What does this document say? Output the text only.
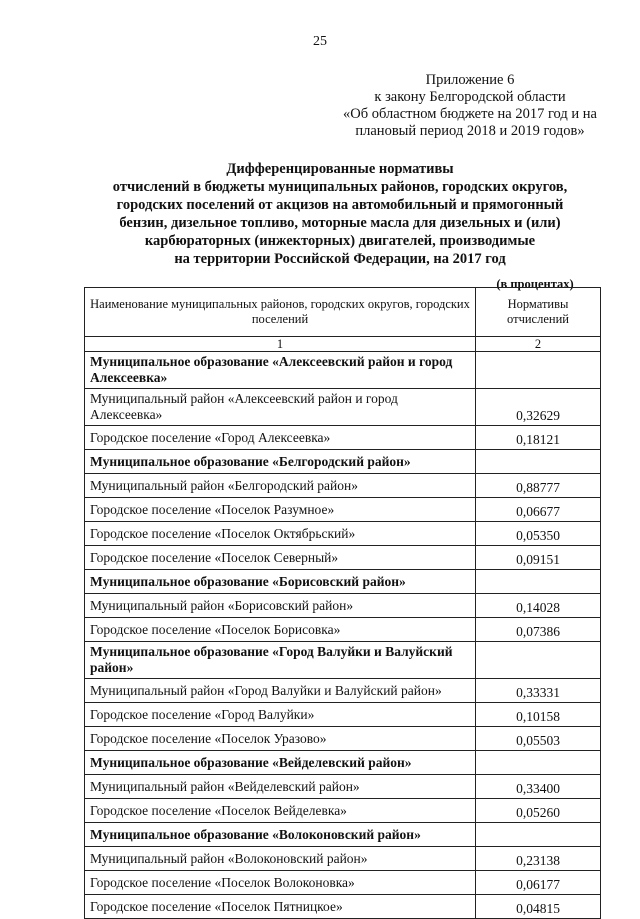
25
Приложение 6
к закону Белгородской области
«Об областном бюджете на 2017 год и на
плановый период 2018 и 2019 годов»
Дифференцированные нормативы
отчислений в бюджеты муниципальных районов, городских округов,
городских поселений от акцизов на автомобильный и прямогонный
бензин, дизельное топливо, моторные масла для дизельных и (или)
карбюраторных (инжекторных) двигателей, производимые
на территории Российской Федерации, на 2017 год
(в процентах)
Наименование муниципальных районов, городских округов, городских поселений	Нормативы отчислений
1	2
Муниципальное образование «Алексеевский район и город Алексеевка»	
Муниципальный район «Алексеевский район и город Алексеевка»	0,32629
Городское поселение «Город Алексеевка»	0,18121
Муниципальное образование «Белгородский район»	
Муниципальный район «Белгородский район»	0,88777
Городское поселение «Поселок Разумное»	0,06677
Городское поселение «Поселок Октябрьский»	0,05350
Городское поселение «Поселок Северный»	0,09151
Муниципальное образование «Борисовский район»	
Муниципальный район «Борисовский район»	0,14028
Городское поселение «Поселок Борисовка»	0,07386
Муниципальное образование «Город Валуйки и Валуйский район»	
Муниципальный район «Город Валуйки и Валуйский район»	0,33331
Городское поселение «Город Валуйки»	0,10158
Городское поселение «Поселок Уразово»	0,05503
Муниципальное образование «Вейделевский район»	
Муниципальный район «Вейделевский район»	0,33400
Городское поселение «Поселок Вейделевка»	0,05260
Муниципальное образование «Волоконовский район»	
Муниципальный район «Волоконовский район»	0,23138
Городское поселение «Поселок Волоконовка»	0,06177
Городское поселение «Поселок Пятницкое»	0,04815
